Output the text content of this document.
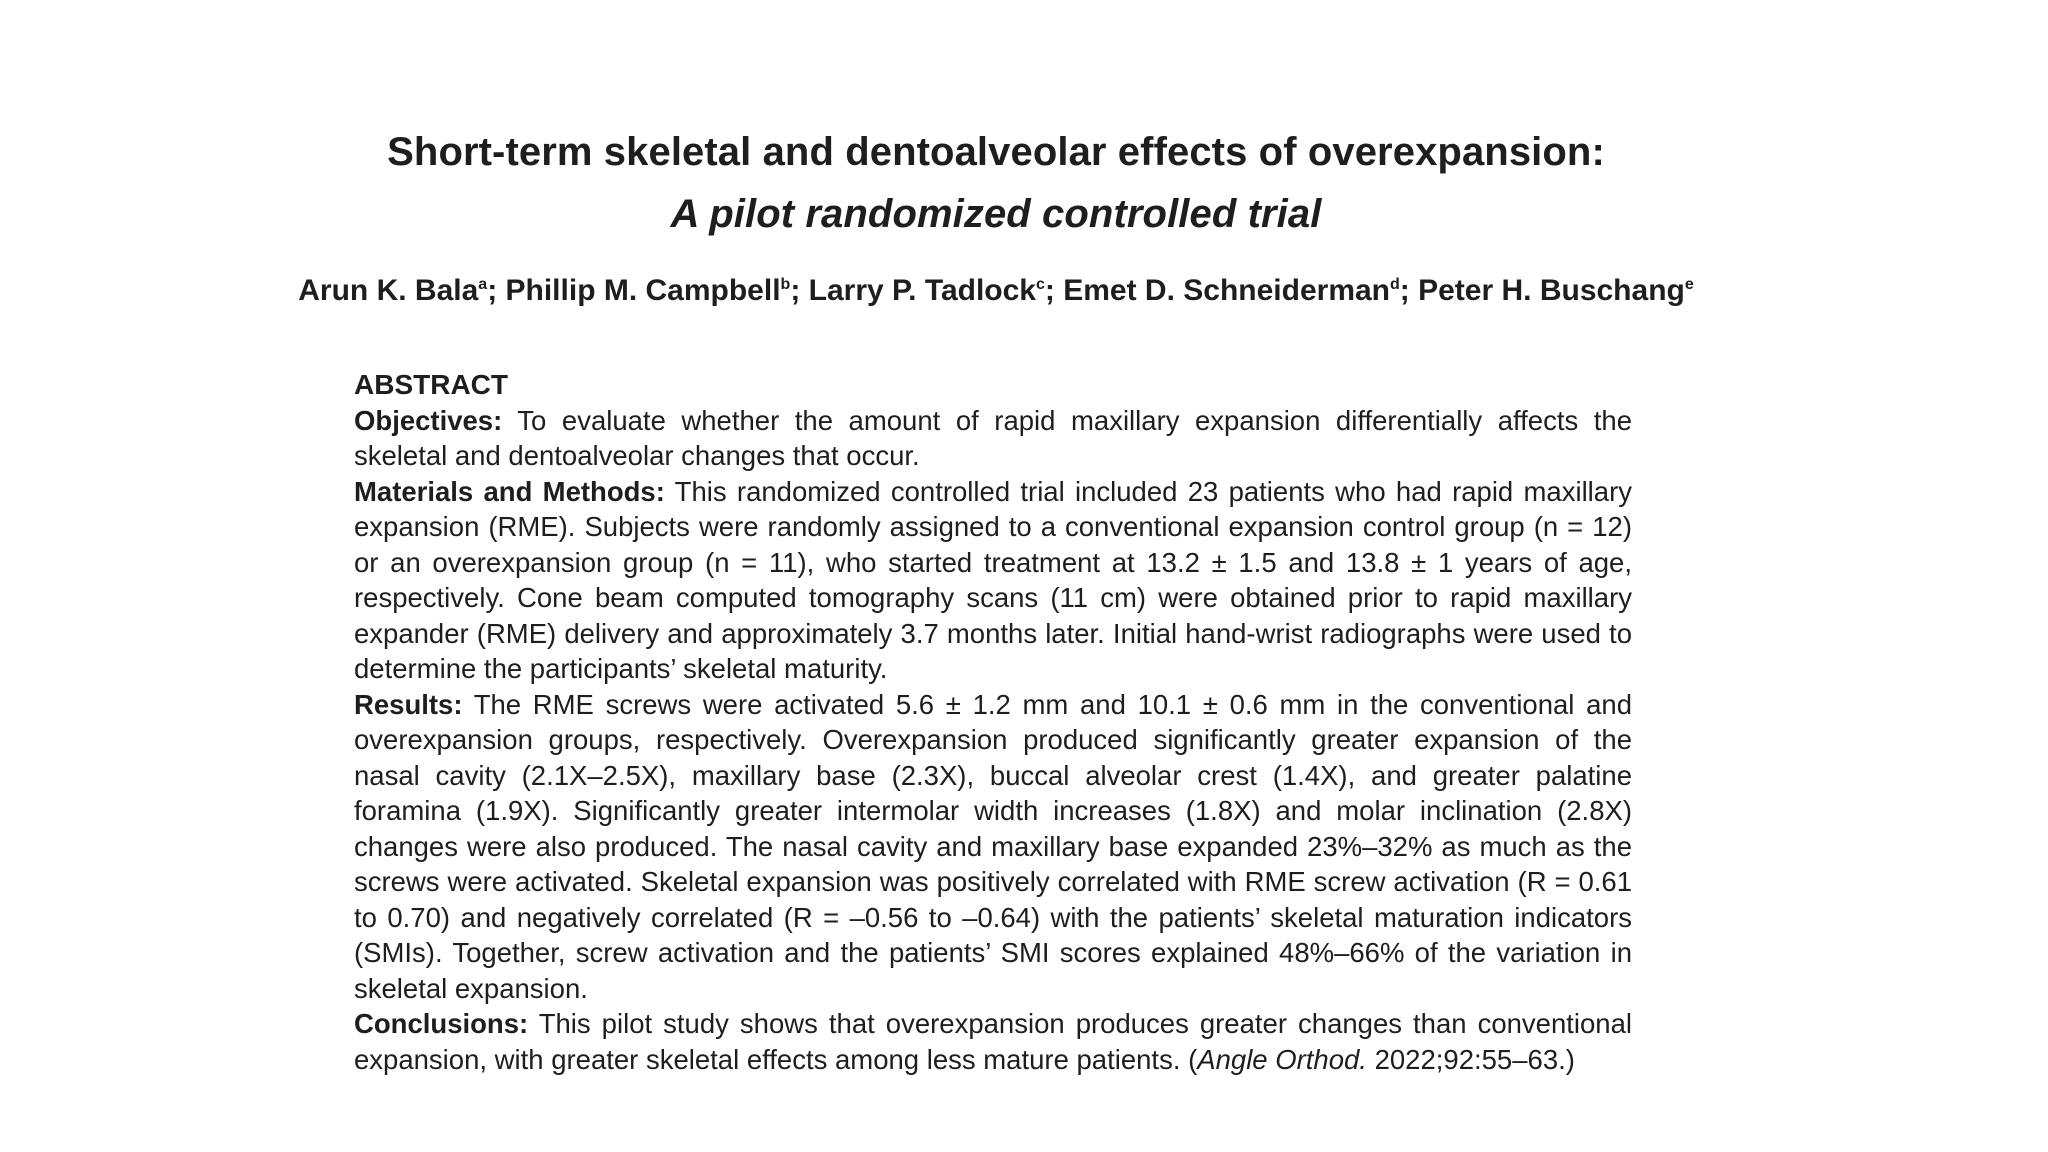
Short-term skeletal and dentoalveolar effects of overexpansion:
A pilot randomized controlled trial
Arun K. Bala$^a$; Phillip M. Campbell$^b$; Larry P. Tadlock$^c$; Emet D. Schneiderman$^d$; Peter H. Buschang$^e$
ABSTRACT

Objectives: To evaluate whether the amount of rapid maxillary expansion differentially affects the skeletal and dentoalveolar changes that occur.

Materials and Methods: This randomized controlled trial included 23 patients who had rapid maxillary expansion (RME). Subjects were randomly assigned to a conventional expansion control group (n = 12) or an overexpansion group (n = 11), who started treatment at 13.2 ± 1.5 and 13.8 ± 1 years of age, respectively. Cone beam computed tomography scans (11 cm) were obtained prior to rapid maxillary expander (RME) delivery and approximately 3.7 months later. Initial hand-wrist radiographs were used to determine the participants’ skeletal maturity.

Results: The RME screws were activated 5.6 ± 1.2 mm and 10.1 ± 0.6 mm in the conventional and overexpansion groups, respectively. Overexpansion produced significantly greater expansion of the nasal cavity (2.1X–2.5X), maxillary base (2.3X), buccal alveolar crest (1.4X), and greater palatine foramina (1.9X). Significantly greater intermolar width increases (1.8X) and molar inclination (2.8X) changes were also produced. The nasal cavity and maxillary base expanded 23%–32% as much as the screws were activated. Skeletal expansion was positively correlated with RME screw activation (R = 0.61 to 0.70) and negatively correlated (R = –0.56 to –0.64) with the patients’ skeletal maturation indicators (SMIs). Together, screw activation and the patients’ SMI scores explained 48%–66% of the variation in skeletal expansion.

Conclusions: This pilot study shows that overexpansion produces greater changes than conventional expansion, with greater skeletal effects among less mature patients. (Angle Orthod. 2022;92:55–63.)
